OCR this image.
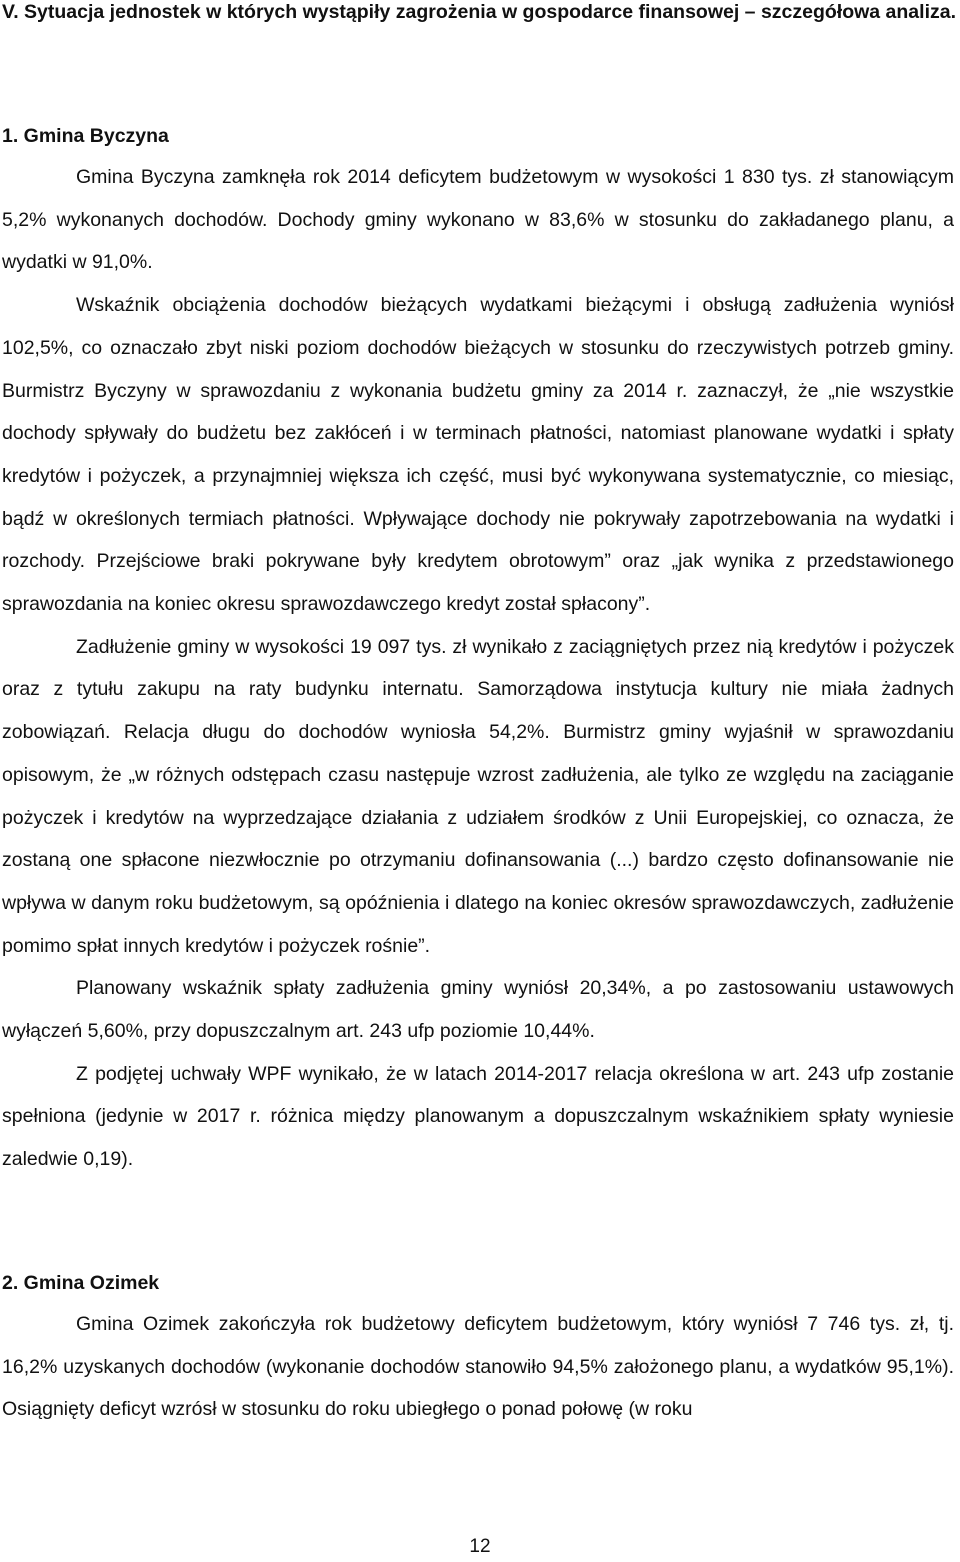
V. Sytuacja jednostek w których wystąpiły zagrożenia w gospodarce finansowej – szczegółowa analiza.
1. Gmina Byczyna

Gmina Byczyna zamknęła rok 2014 deficytem budżetowym w wysokości 1 830 tys. zł stanowiącym 5,2% wykonanych dochodów. Dochody gminy wykonano w 83,6% w stosunku do zakładanego planu, a wydatki w 91,0%.

Wskaźnik obciążenia dochodów bieżących wydatkami bieżącymi i obsługą zadłużenia wyniósł 102,5%, co oznaczało zbyt niski poziom dochodów bieżących w stosunku do rzeczywistych potrzeb gminy. Burmistrz Byczyny w sprawozdaniu z wykonania budżetu gminy za 2014 r. zaznaczył, że „nie wszystkie dochody spływały do budżetu bez zakłóceń i w terminach płatności, natomiast planowane wydatki i spłaty kredytów i pożyczek, a przynajmniej większa ich część, musi być wykonywana systematycznie, co miesiąc, bądź w określonych termiach płatności. Wpływające dochody nie pokrywały zapotrzebowania na wydatki i rozchody. Przejściowe braki pokrywane były kredytem obrotowym” oraz „jak wynika z przedstawionego sprawozdania na koniec okresu sprawozdawczego kredyt został spłacony”.

Zadłużenie gminy w wysokości 19 097 tys. zł wynikało z zaciągniętych przez nią kredytów i pożyczek oraz z tytułu zakupu na raty budynku internatu. Samorządowa instytucja kultury nie miała żadnych zobowiązań. Relacja długu do dochodów wyniosła 54,2%. Burmistrz gminy wyjaśnił w sprawozdaniu opisowym, że „w różnych odstępach czasu następuje wzrost zadłużenia, ale tylko ze względu na zaciąganie pożyczek i kredytów na wyprzedzające działania z udziałem środków z Unii Europejskiej, co oznacza, że zostaną one spłacone niezwłocznie po otrzymaniu dofinansowania (...) bardzo często dofinansowanie nie wpływa w danym roku budżetowym, są opóźnienia i dlatego na koniec okresów sprawozdawczych, zadłużenie pomimo spłat innych kredytów i pożyczek rośnie”.

Planowany wskaźnik spłaty zadłużenia gminy wyniósł 20,34%, a po zastosowaniu ustawowych wyłączeń 5,60%, przy dopuszczalnym art. 243 ufp poziomie 10,44%.

Z podjętej uchwały WPF wynikało, że w latach 2014-2017 relacja określona w art. 243 ufp zostanie spełniona (jedynie w 2017 r. różnica między planowanym a dopuszczalnym wskaźnikiem spłaty wyniesie zaledwie 0,19).

2. Gmina Ozimek

Gmina Ozimek zakończyła rok budżetowy deficytem budżetowym, który wyniósł 7 746 tys. zł, tj. 16,2% uzyskanych dochodów (wykonanie dochodów stanowiło 94,5% założonego planu, a wydatków 95,1%). Osiągnięty deficyt wzrósł w stosunku do roku ubiegłego o ponad połowę (w roku

12
